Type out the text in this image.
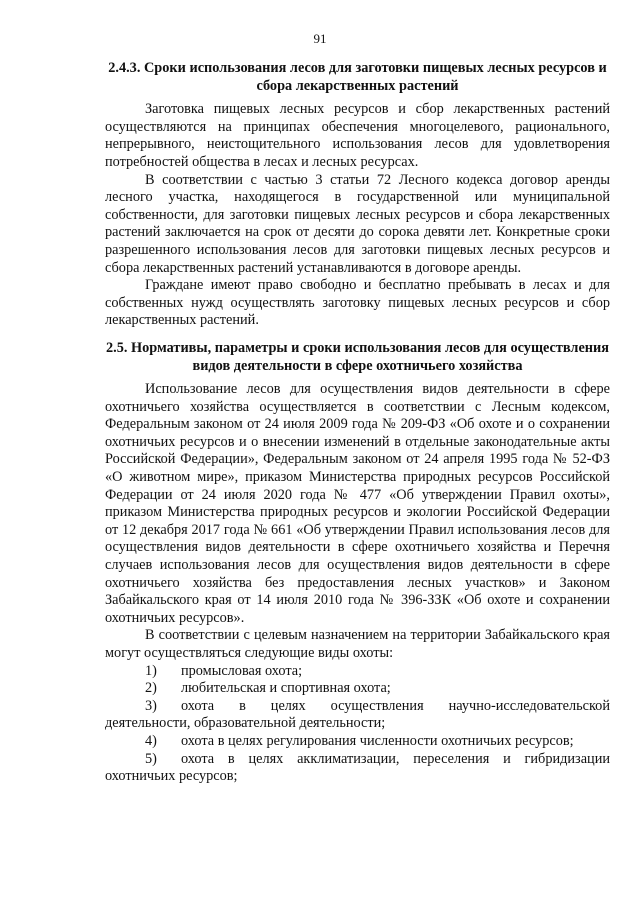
91
2.4.3. Сроки использования лесов для заготовки пищевых лесных ресурсов и сбора лекарственных растений

Заготовка пищевых лесных ресурсов и сбор лекарственных растений осуществляются на принципах обеспечения многоцелевого, рационального, непрерывного, неистощительного использования лесов для удовлетворения потребностей общества в лесах и лесных ресурсах.

В соответствии с частью 3 статьи 72 Лесного кодекса договор аренды лесного участка, находящегося в государственной или муниципальной собственности, для заготовки пищевых лесных ресурсов и сбора лекарственных растений заключается на срок от десяти до сорока девяти лет. Конкретные сроки разрешенного использования лесов для заготовки пищевых лесных ресурсов и сбора лекарственных растений устанавливаются в договоре аренды.

Граждане имеют право свободно и бесплатно пребывать в лесах и для собственных нужд осуществлять заготовку пищевых лесных ресурсов и сбор лекарственных растений.

2.5. Нормативы, параметры и сроки использования лесов для осуществления видов деятельности в сфере охотничьего хозяйства

Использование лесов для осуществления видов деятельности в сфере охотничьего хозяйства осуществляется в соответствии с Лесным кодексом, Федеральным законом от 24 июля 2009 года № 209-ФЗ «Об охоте и о сохранении охотничьих ресурсов и о внесении изменений в отдельные законодательные акты Российской Федерации», Федеральным законом от 24 апреля 1995 года № 52-ФЗ «О животном мире», приказом Министерства природных ресурсов Российской Федерации от 24 июля 2020 года № 477 «Об утверждении Правил охоты», приказом Министерства природных ресурсов и экологии Российской Федерации от 12 декабря 2017 года № 661 «Об утверждении Правил использования лесов для осуществления видов деятельности в сфере охотничьего хозяйства и Перечня случаев использования лесов для осуществления видов деятельности в сфере охотничьего хозяйства без предоставления лесных участков» и Законом Забайкальского края от 14 июля 2010 года № 396-ЗЗК «Об охоте и сохранении охотничьих ресурсов».

В соответствии с целевым назначением на территории Забайкальского края могут осуществляться следующие виды охоты:

1)	промысловая охота;
2)	любительская и спортивная охота;
3) охота в целях осуществления научно-исследовательской деятельности, образовательной деятельности;
4)	охота в целях регулирования численности охотничьих ресурсов;
5) охота в целях акклиматизации, переселения и гибридизации охотничьих ресурсов;
